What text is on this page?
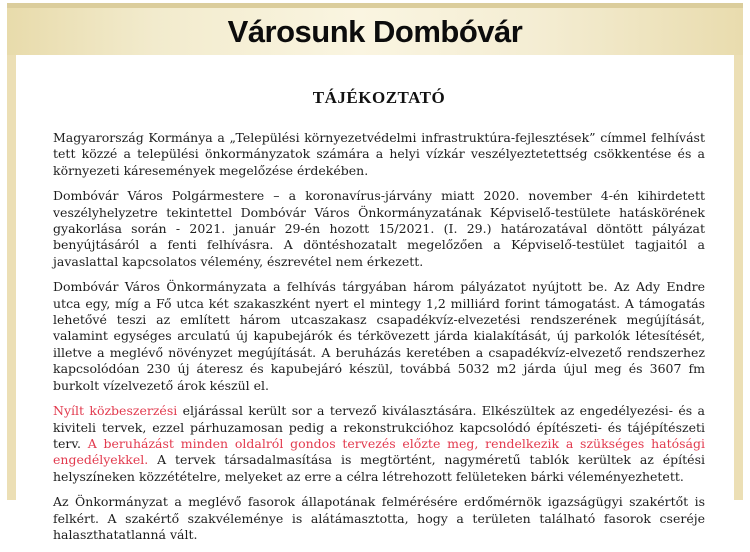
Városunk Dombóvár
TÁJÉKOZTATÓ

Magyarország Kormánya a „Települési környezetvédelmi infrastruktúra-fejlesztések” címmel felhívást tett közzé a települési önkormányzatok számára a helyi vízkár veszélyeztetettség csökkentése és a környezeti káresemények megelőzése érdekében.

Dombóvár Város Polgármestere – a koronavírus-járvány miatt 2020. november 4-én kihirdetett veszélyhelyzetre tekintettel Dombóvár Város Önkormányzatának Képviselő-testülete hatáskörének gyakorlása során - 2021. január 29-én hozott 15/2021. (I. 29.) határozatával döntött pályázat benyújtásáról a fenti felhívásra. A döntéshozatalt megelőzően a Képviselő-testület tagjaitól a javaslattal kapcsolatos vélemény, észrevétel nem érkezett.

Dombóvár Város Önkormányzata a felhívás tárgyában három pályázatot nyújtott be. Az Ady Endre utca egy, míg a Fő utca két szakaszként nyert el mintegy 1,2 milliárd forint támogatást. A támogatás lehetővé teszi az említett három utcaszakasz csapadékvíz-elvezetési rendszerének megújítását, valamint egységes arculatú új kapubejárók és térkövezett járda kialakítását, új parkolók létesítését, illetve a meglévő növényzet megújítását. A beruházás keretében a csapadékvíz-elvezető rendszerhez kapcsolódóan 230 új áteresz és kapubejáró készül, továbbá 5032 m2 járda újul meg és 3607 fm burkolt vízelvezető árok készül el.

Nyílt közbeszerzési eljárással került sor a tervező kiválasztására. Elkészültek az engedélyezési- és a kiviteli tervek, ezzel párhuzamosan pedig a rekonstrukcióhoz kapcsolódó építészeti- és tájépítészeti terv. A beruházást minden oldalról gondos tervezés előzte meg, rendelkezik a szükséges hatósági engedélyekkel. A tervek társadalmasítása is megtörtént, nagyméretű tablók kerültek az építési helyszíneken közzétételre, melyeket az erre a célra létrehozott felületeken bárki véleményezhetett.

Az Önkormányzat a meglévő fasorok állapotának felmérésére erdőmérnök igazságügyi szakértőt is felkért. A szakértő szakvéleménye is alátámasztotta, hogy a területen található fasorok cseréje halaszthatatlanná vált.
